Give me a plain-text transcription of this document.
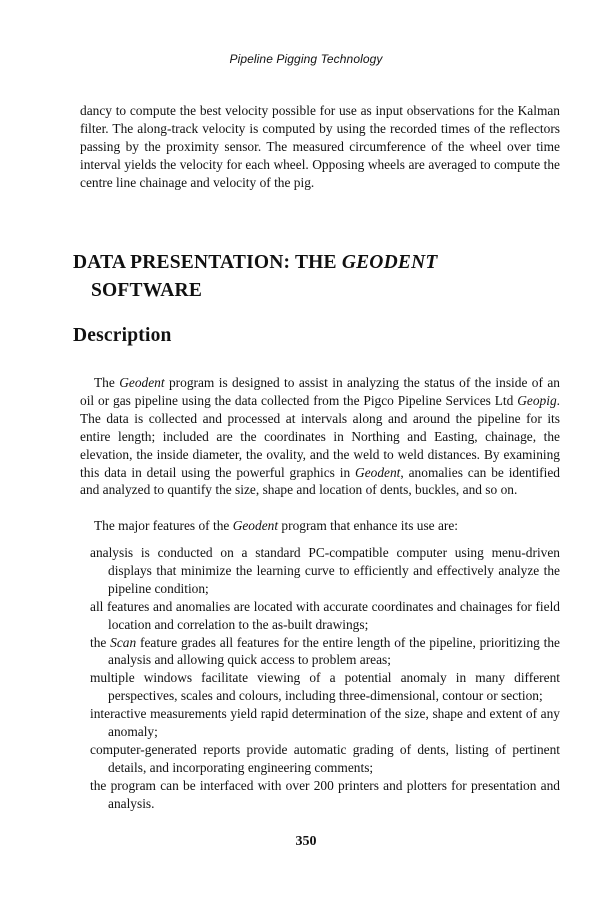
Pipeline Pigging Technology

dancy to compute the best velocity possible for use as input observations for the Kalman filter. The along-track velocity is computed by using the recorded times of the reflectors passing by the proximity sensor. The measured circumference of the wheel over time interval yields the velocity for each wheel. Opposing wheels are averaged to compute the centre line chainage and velocity of the pig.

DATA PRESENTATION: THE GEODENT
SOFTWARE
Description

The Geodent program is designed to assist in analyzing the status of the inside of an oil or gas pipeline using the data collected from the Pigco Pipeline Services Ltd Geopig. The data is collected and processed at intervals along and around the pipeline for its entire length; included are the coordinates in Northing and Easting, chainage, the elevation, the inside diameter, the ovality, and the weld to weld distances. By examining this data in detail using the powerful graphics in Geodent, anomalies can be identified and analyzed to quantify the size, shape and location of dents, buckles, and so on.

The major features of the Geodent program that enhance its use are:

analysis is conducted on a standard PC-compatible computer using menu-driven displays that minimize the learning curve to efficiently and effectively analyze the pipeline condition;
all features and anomalies are located with accurate coordinates and chainages for field location and correlation to the as-built drawings;
the Scan feature grades all features for the entire length of the pipeline, prioritizing the analysis and allowing quick access to problem areas;
multiple windows facilitate viewing of a potential anomaly in many different perspectives, scales and colours, including three-dimensional, contour or section;
interactive measurements yield rapid determination of the size, shape and extent of any anomaly;
computer-generated reports provide automatic grading of dents, listing of pertinent details, and incorporating engineering comments;
the program can be interfaced with over 200 printers and plotters for presentation and analysis.
350
